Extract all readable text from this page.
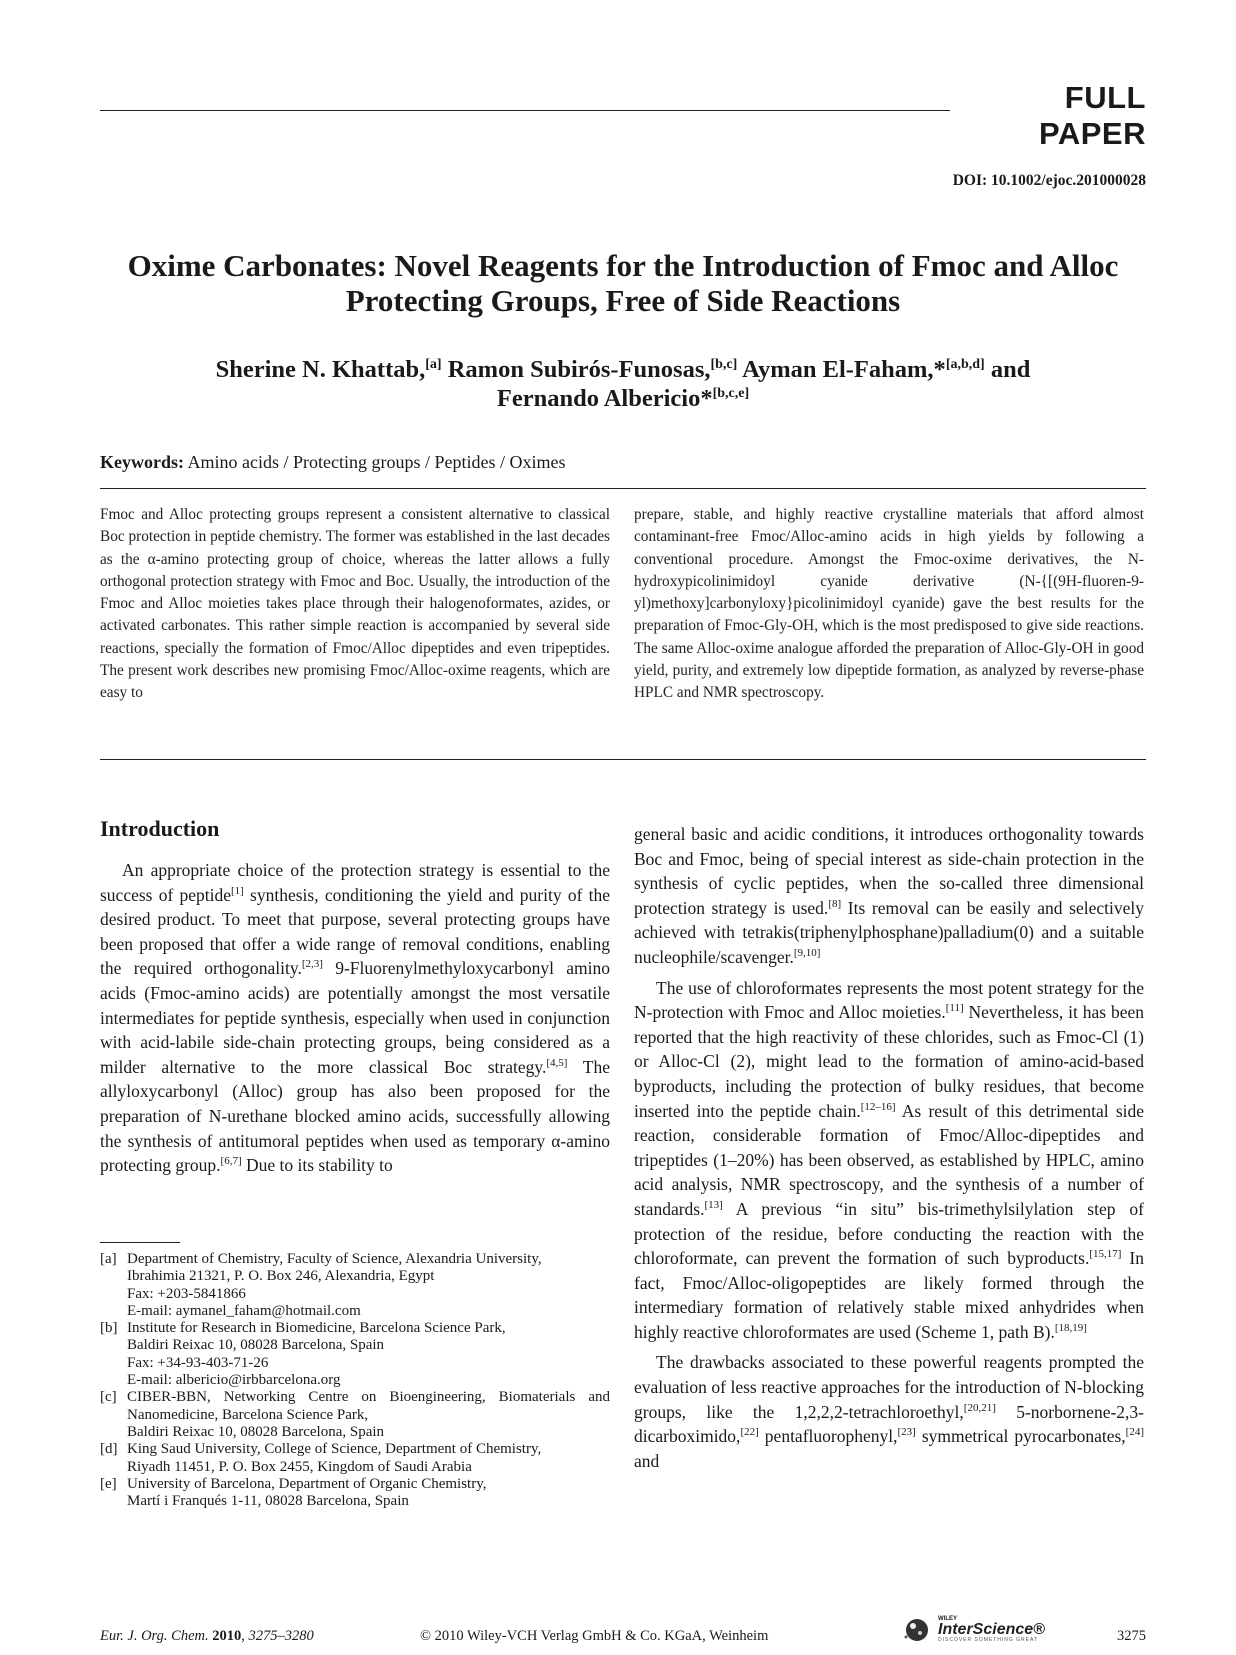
FULL PAPER
DOI: 10.1002/ejoc.201000028
Oxime Carbonates: Novel Reagents for the Introduction of Fmoc and Alloc Protecting Groups, Free of Side Reactions
Sherine N. Khattab,[a] Ramon Subirós-Funosas,[b,c] Ayman El-Faham,*[a,b,d] and
Fernando Albericio*[b,c,e]
Keywords: Amino acids / Protecting groups / Peptides / Oximes
Fmoc and Alloc protecting groups represent a consistent alternative to classical Boc protection in peptide chemistry. The former was established in the last decades as the α-amino protecting group of choice, whereas the latter allows a fully orthogonal protection strategy with Fmoc and Boc. Usually, the introduction of the Fmoc and Alloc moieties takes place through their halogenoformates, azides, or activated carbonates. This rather simple reaction is accompanied by several side reactions, specially the formation of Fmoc/Alloc dipeptides and even tripeptides. The present work describes new promising Fmoc/Alloc-oxime reagents, which are easy to
prepare, stable, and highly reactive crystalline materials that afford almost contaminant-free Fmoc/Alloc-amino acids in high yields by following a conventional procedure. Amongst the Fmoc-oxime derivatives, the N-hydroxypicolinimidoyl cyanide derivative (N-{[(9H-fluoren-9-yl)methoxy]carbonyloxy}picolinimidoyl cyanide) gave the best results for the preparation of Fmoc-Gly-OH, which is the most predisposed to give side reactions. The same Alloc-oxime analogue afforded the preparation of Alloc-Gly-OH in good yield, purity, and extremely low dipeptide formation, as analyzed by reverse-phase HPLC and NMR spectroscopy.
Introduction

An appropriate choice of the protection strategy is essential to the success of peptide[1] synthesis, conditioning the yield and purity of the desired product. To meet that purpose, several protecting groups have been proposed that offer a wide range of removal conditions, enabling the required orthogonality.[2,3] 9-Fluorenylmethyloxycarbonyl amino acids (Fmoc-amino acids) are potentially amongst the most versatile intermediates for peptide synthesis, especially when used in conjunction with acid-labile side-chain protecting groups, being considered as a milder alternative to the more classical Boc strategy.[4,5] The allyloxycarbonyl (Alloc) group has also been proposed for the preparation of N-urethane blocked amino acids, successfully allowing the synthesis of antitumoral peptides when used as temporary α-amino protecting group.[6,7] Due to its stability to

general basic and acidic conditions, it introduces orthogonality towards Boc and Fmoc, being of special interest as side-chain protection in the synthesis of cyclic peptides, when the so-called three dimensional protection strategy is used.[8] Its removal can be easily and selectively achieved with tetrakis(triphenylphosphane)palladium(0) and a suitable nucleophile/scavenger.[9,10]

The use of chloroformates represents the most potent strategy for the N-protection with Fmoc and Alloc moieties.[11] Nevertheless, it has been reported that the high reactivity of these chlorides, such as Fmoc-Cl (1) or Alloc-Cl (2), might lead to the formation of amino-acid-based byproducts, including the protection of bulky residues, that become inserted into the peptide chain.[12–16] As result of this detrimental side reaction, considerable formation of Fmoc/Alloc-dipeptides and tripeptides (1–20%) has been observed, as established by HPLC, amino acid analysis, NMR spectroscopy, and the synthesis of a number of standards.[13] A previous “in situ” bis-trimethylsilylation step of protection of the residue, before conducting the reaction with the chloroformate, can prevent the formation of such byproducts.[15,17] In fact, Fmoc/Alloc-oligopeptides are likely formed through the intermediary formation of relatively stable mixed anhydrides when highly reactive chloroformates are used (Scheme 1, path B).[18,19]

The drawbacks associated to these powerful reagents prompted the evaluation of less reactive approaches for the introduction of N-blocking groups, like the 1,2,2,2-tetrachloroethyl,[20,21] 5-norbornene-2,3-dicarboximido,[22] pentafluorophenyl,[23] symmetrical pyrocarbonates,[24] and

[a] Department of Chemistry, Faculty of Science, Alexandria University,
Ibrahimia 21321, P. O. Box 246, Alexandria, Egypt
Fax: +203-5841866
E-mail: aymanel_faham@hotmail.com
[b] Institute for Research in Biomedicine, Barcelona Science Park,
Baldiri Reixac 10, 08028 Barcelona, Spain
Fax: +34-93-403-71-26
E-mail: albericio@irbbarcelona.org
[c] CIBER-BBN, Networking Centre on Bioengineering, Biomaterials and Nanomedicine, Barcelona Science Park,
Baldiri Reixac 10, 08028 Barcelona, Spain
[d] King Saud University, College of Science, Department of Chemistry,
Riyadh 11451, P. O. Box 2455, Kingdom of Saudi Arabia
[e] University of Barcelona, Department of Organic Chemistry,
Martí i Franqués 1-11, 08028 Barcelona, Spain
Eur. J. Org. Chem. 2010, 3275–3280	© 2010 Wiley-VCH Verlag GmbH & Co. KGaA, Weinheim
WILEY
InterScience®
DISCOVER SOMETHING GREAT	3275
